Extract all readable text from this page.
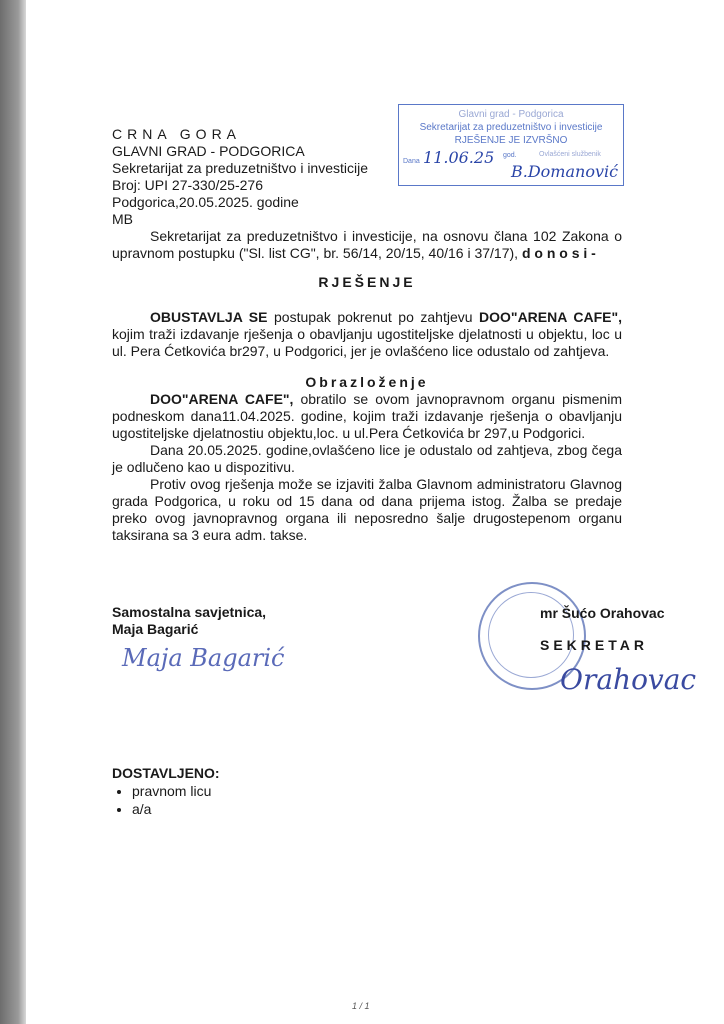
CRNA GORA
GLAVNI GRAD - PODGORICA
Sekretarijat za preduzetništvo i investicije
Broj: UPI 27-330/25-276
Podgorica,20.05.2025. godine
MB
Glavni grad - Podgorica
Sekretarijat za preduzetništvo i investicije
RJEŠENJE JE IZVRŠNO
Dana 11.06.25 god.	Ovlašćeni službenik
B.Domanović
Sekretarijat za preduzetništvo i investicije, na osnovu člana 102 Zakona o upravnom postupku ("Sl. list CG", br. 56/14, 20/15, 40/16 i 37/17), d o n o s i -
RJEŠENJE
OBUSTAVLJA SE postupak pokrenut po zahtjevu DOO"ARENA CAFE", kojim traži izdavanje rješenja o obavljanju ugostiteljske djelatnosti u objektu, loc u ul. Pera Ćetkovića br297, u Podgorici, jer je ovlašćeno lice odustalo od zahtjeva.
Obrazloženje
DOO"ARENA CAFE", obratilo se ovom javnopravnom organu pismenim podneskom dana11.04.2025. godine, kojim traži izdavanje rješenja o obavljanju ugostiteljske djelatnostiu objektu,loc. u ul.Pera Ćetkovića br 297,u Podgorici.
Dana 20.05.2025. godine,ovlašćeno lice je odustalo od zahtjeva, zbog čega je odlučeno kao u dispozitivu.
Protiv ovog rješenja može se izjaviti žalba Glavnom administratoru Glavnog grada Podgorica, u roku od 15 dana od dana prijema istog. Žalba se predaje preko ovog javnopravnog organa ili neposredno šalje drugostepenom organu taksirana sa 3 eura adm. takse.
Samostalna savjetnica,
Maja Bagarić
Maja Bagarić
mr Šućo Orahovac
SEKRETAR
Orahovac
DOSTAVLJENO:
• pravnom licu
• a/a
1 / 1
